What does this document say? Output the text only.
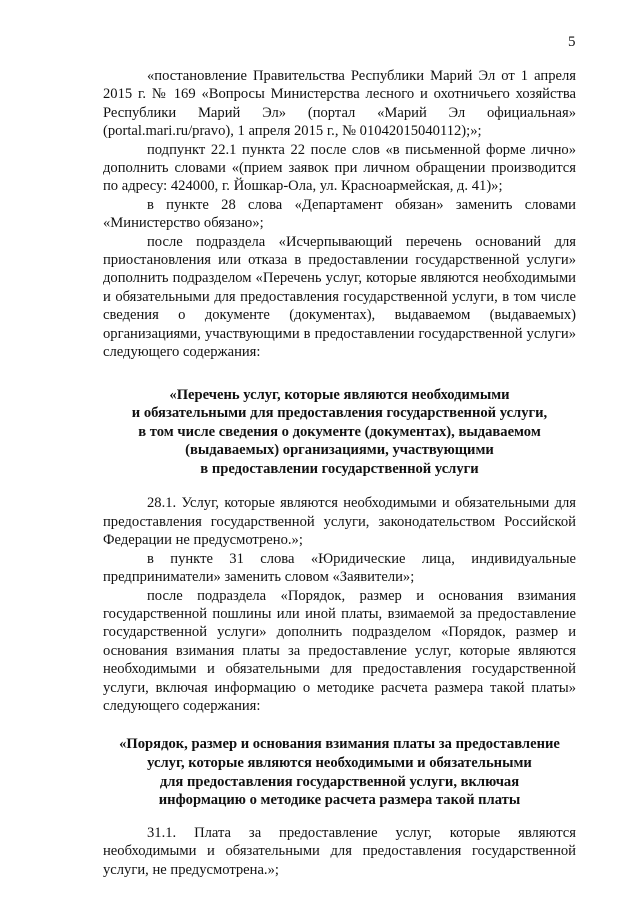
5

«постановление Правительства Республики Марий Эл от 1 апреля 2015 г. № 169 «Вопросы Министерства лесного и охотничьего хозяйства Республики Марий Эл» (портал «Марий Эл официальная» (portal.mari.ru/pravo), 1 апреля 2015 г., № 01042015040112);»;

подпункт 22.1 пункта 22 после слов «в письменной форме лично» дополнить словами «(прием заявок при личном обращении производится по адресу: 424000, г. Йошкар-Ола, ул. Красноармейская, д. 41)»;

в пункте 28 слова «Департамент обязан» заменить словами «Министерство обязано»;

после подраздела «Исчерпывающий перечень оснований для приостановления или отказа в предоставлении государственной услуги» дополнить подразделом «Перечень услуг, которые являются необходимыми и обязательными для предоставления государственной услуги, в том числе сведения о документе (документах), выдаваемом (выдаваемых) организациями, участвующими в предоставлении государственной услуги» следующего содержания:

«Перечень услуг, которые являются необходимыми
и обязательными для предоставления государственной услуги,
в том числе сведения о документе (документах), выдаваемом
(выдаваемых) организациями, участвующими
в предоставлении государственной услуги

28.1. Услуг, которые являются необходимыми и обязательными для предоставления государственной услуги, законодательством Российской Федерации не предусмотрено.»;

в пункте 31 слова «Юридические лица, индивидуальные предприниматели» заменить словом «Заявители»;

после подраздела «Порядок, размер и основания взимания государственной пошлины или иной платы, взимаемой за предоставление государственной услуги» дополнить подразделом «Порядок, размер и основания взимания платы за предоставление услуг, которые являются необходимыми и обязательными для предоставления государственной услуги, включая информацию о методике расчета размера такой платы» следующего содержания:

«Порядок, размер и основания взимания платы за предоставление
услуг, которые являются необходимыми и обязательными
для предоставления государственной услуги, включая
информацию о методике расчета размера такой платы

31.1. Плата за предоставление услуг, которые являются необходимыми и обязательными для предоставления государственной услуги, не предусмотрена.»;
